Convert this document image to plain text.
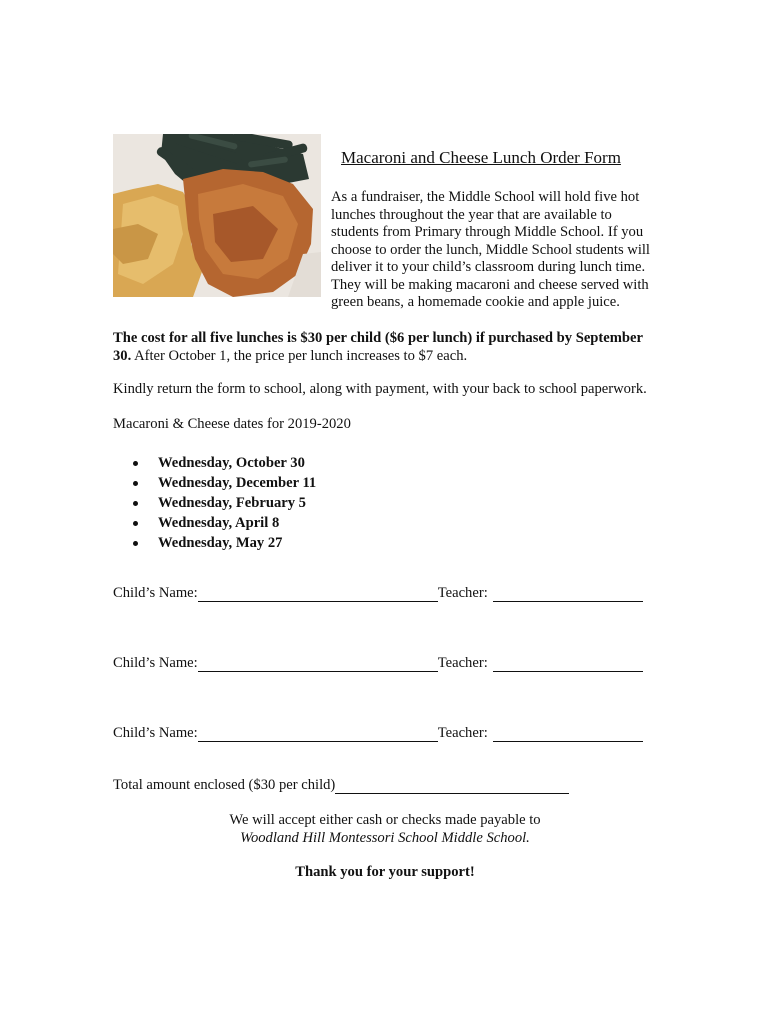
Macaroni and Cheese Lunch Order Form
As a fundraiser, the Middle School will hold five hot
lunches throughout the year that are available to
students from Primary through Middle School. If you
choose to order the lunch, Middle School students will
deliver it to your child’s classroom during lunch time.
They will be making macaroni and cheese served with
green beans, a homemade cookie and apple juice.
The cost for all five lunches is $30 per child ($6 per lunch) if purchased by September
30. After October 1, the price per lunch increases to $7 each.
Kindly return the form to school, along with payment, with your back to school paperwork.
Macaroni & Cheese dates for 2019-2020
Wednesday, October 30
Wednesday, December 11
Wednesday, February 5
Wednesday, April 8
Wednesday, May 27
Child’s Name:	Teacher:
Child’s Name:	Teacher:
Child’s Name:	Teacher:
Total amount enclosed ($30 per child)
We will accept either cash or checks made payable to
Woodland Hill Montessori School Middle School.
Thank you for your support!
